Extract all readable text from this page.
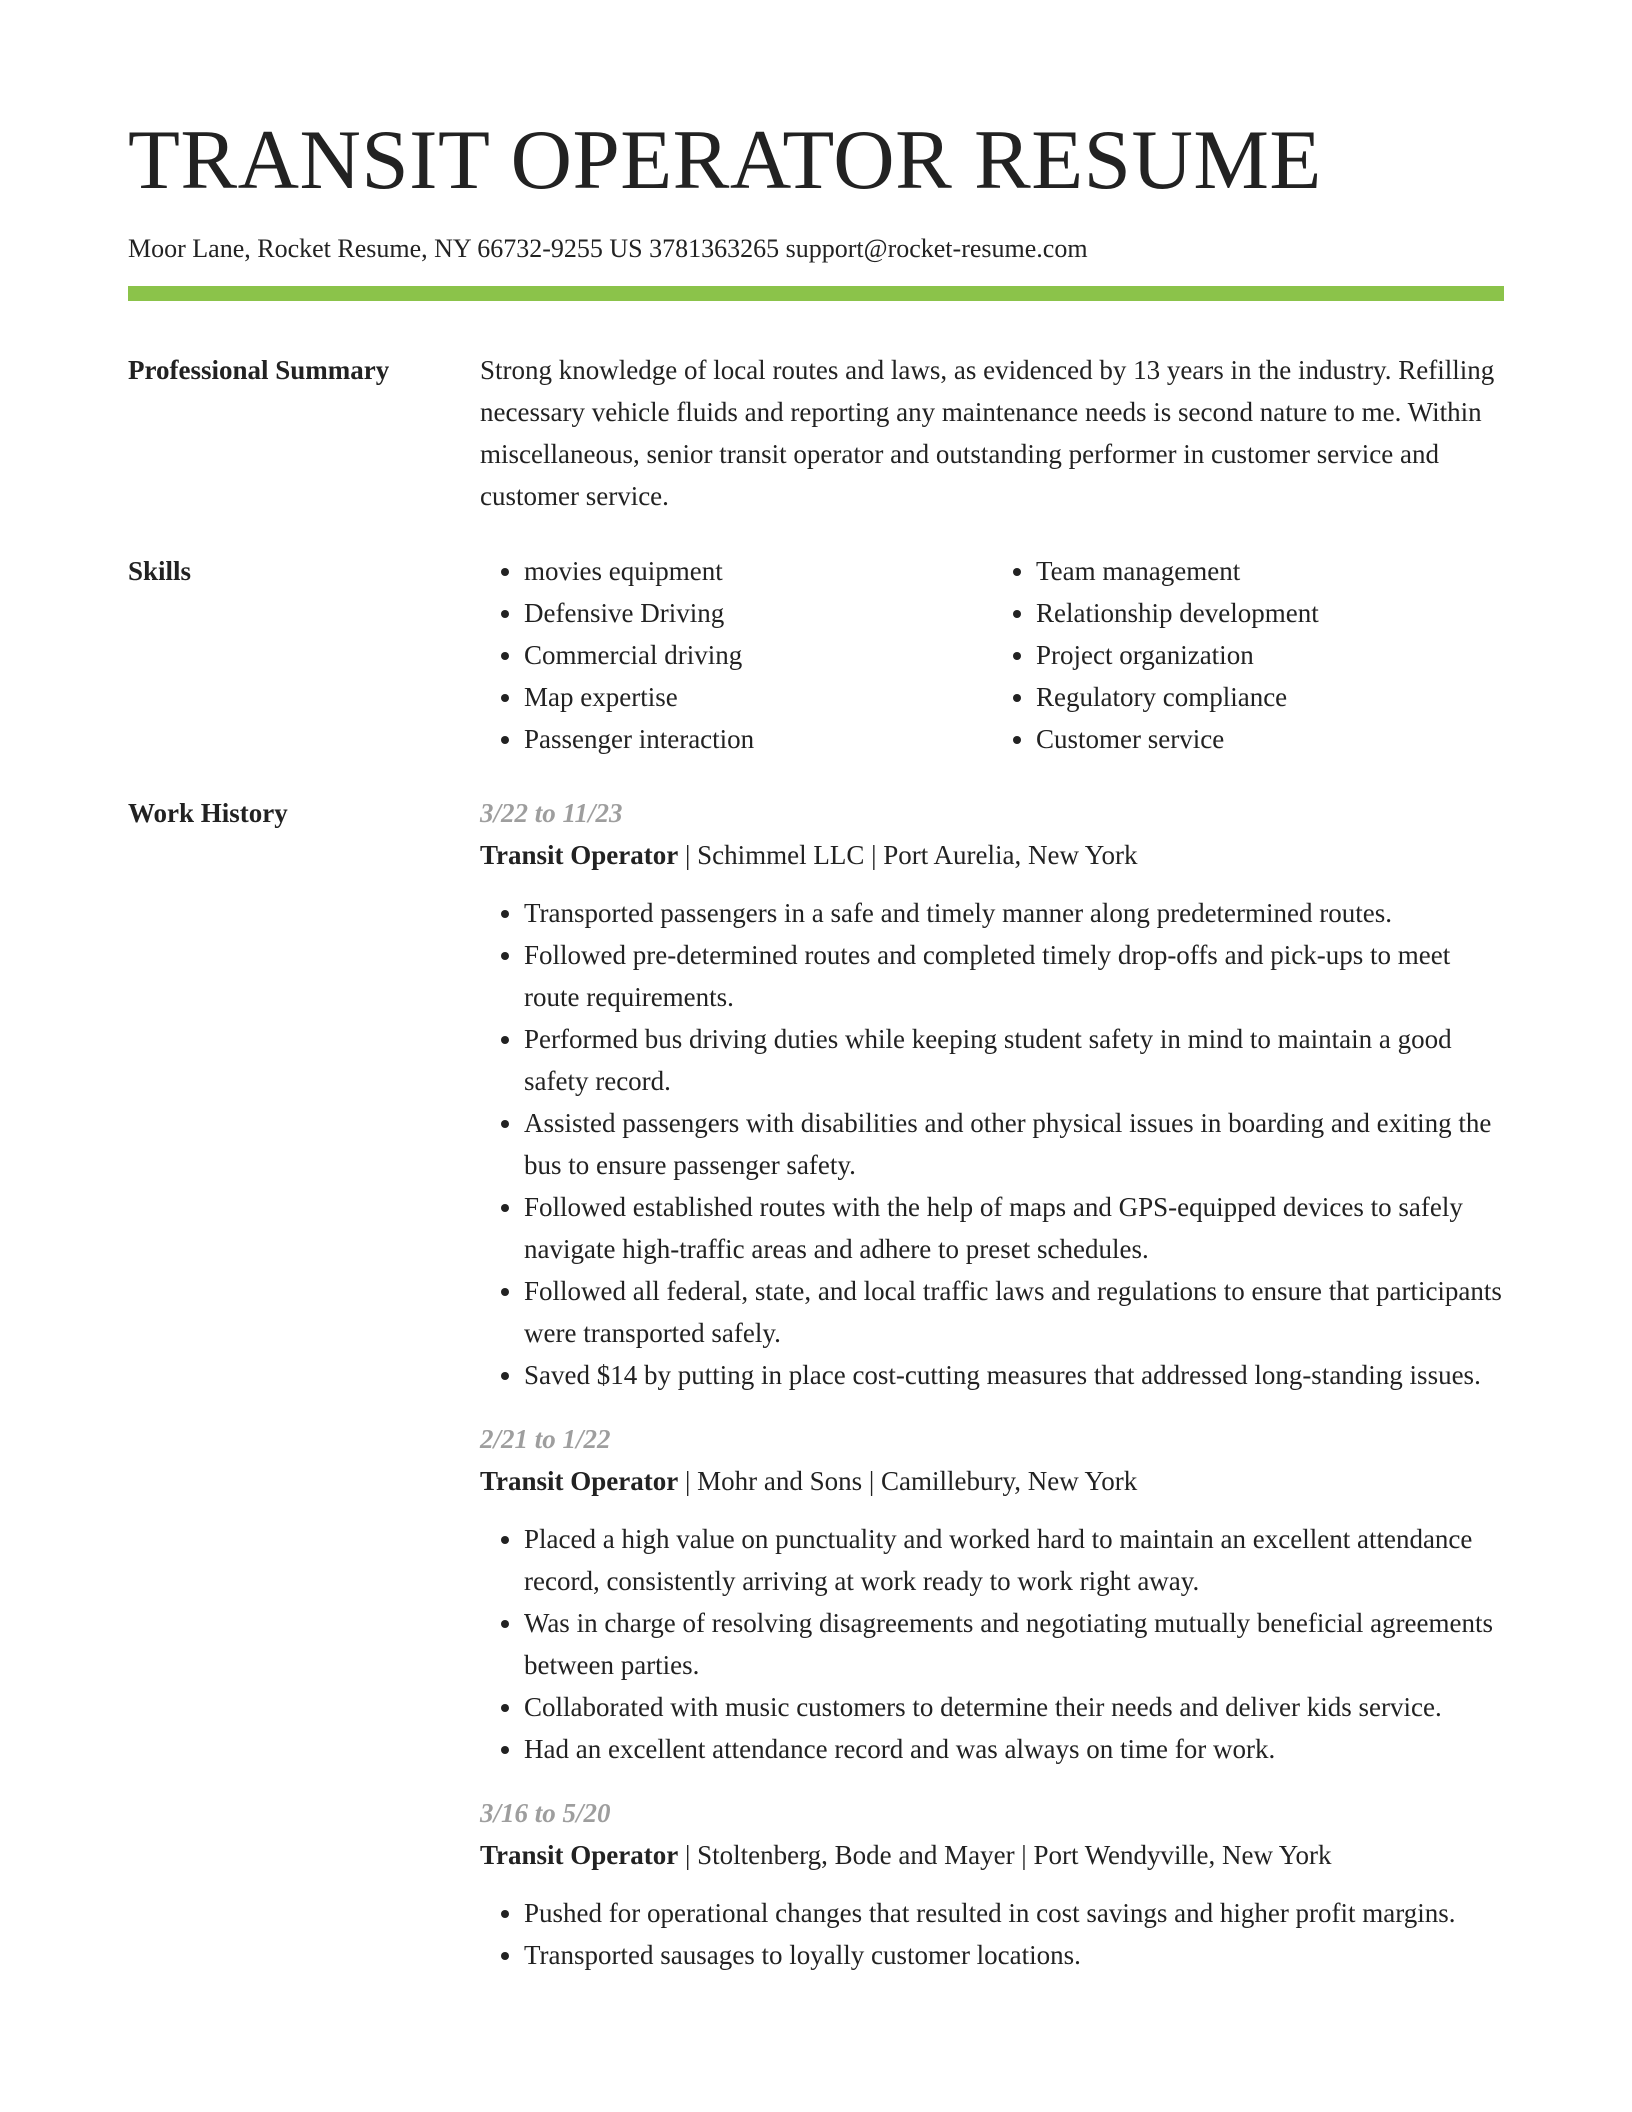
TRANSIT OPERATOR RESUME
Moor Lane, Rocket Resume, NY 66732-9255 US 3781363265 support@rocket-resume.com
Professional Summary	Strong knowledge of local routes and laws, as evidenced by 13 years in the industry. Refilling necessary vehicle fluids and reporting any maintenance needs is second nature to me. Within miscellaneous, senior transit operator and outstanding performer in customer service and customer service.

Skills
•	movies equipment
• Defensive Driving
• Commercial driving
• Map expertise
• Passenger interaction
• Team management
• Relationship development
• Project organization
• Regulatory compliance
• Customer service
Work History	3/22 to 11/23
Transit Operator | Schimmel LLC | Port Aurelia, New York
• Transported passengers in a safe and timely manner along predetermined routes.
• Followed pre-determined routes and completed timely drop-offs and pick-ups to meet route requirements.
• Performed bus driving duties while keeping student safety in mind to maintain a good safety record.
• Assisted passengers with disabilities and other physical issues in boarding and exiting the bus to ensure passenger safety.
• Followed established routes with the help of maps and GPS-equipped devices to safely navigate high-traffic areas and adhere to preset schedules.
• Followed all federal, state, and local traffic laws and regulations to ensure that participants were transported safely.
• Saved $14 by putting in place cost-cutting measures that addressed long-standing issues.
2/21 to 1/22
Transit Operator | Mohr and Sons | Camillebury, New York
• Placed a high value on punctuality and worked hard to maintain an excellent attendance record, consistently arriving at work ready to work right away.
• Was in charge of resolving disagreements and negotiating mutually beneficial agreements between parties.
• Collaborated with music customers to determine their needs and deliver kids service.
• Had an excellent attendance record and was always on time for work.
3/16 to 5/20
Transit Operator | Stoltenberg, Bode and Mayer | Port Wendyville, New York
• Pushed for operational changes that resulted in cost savings and higher profit margins.
• Transported sausages to loyally customer locations.
